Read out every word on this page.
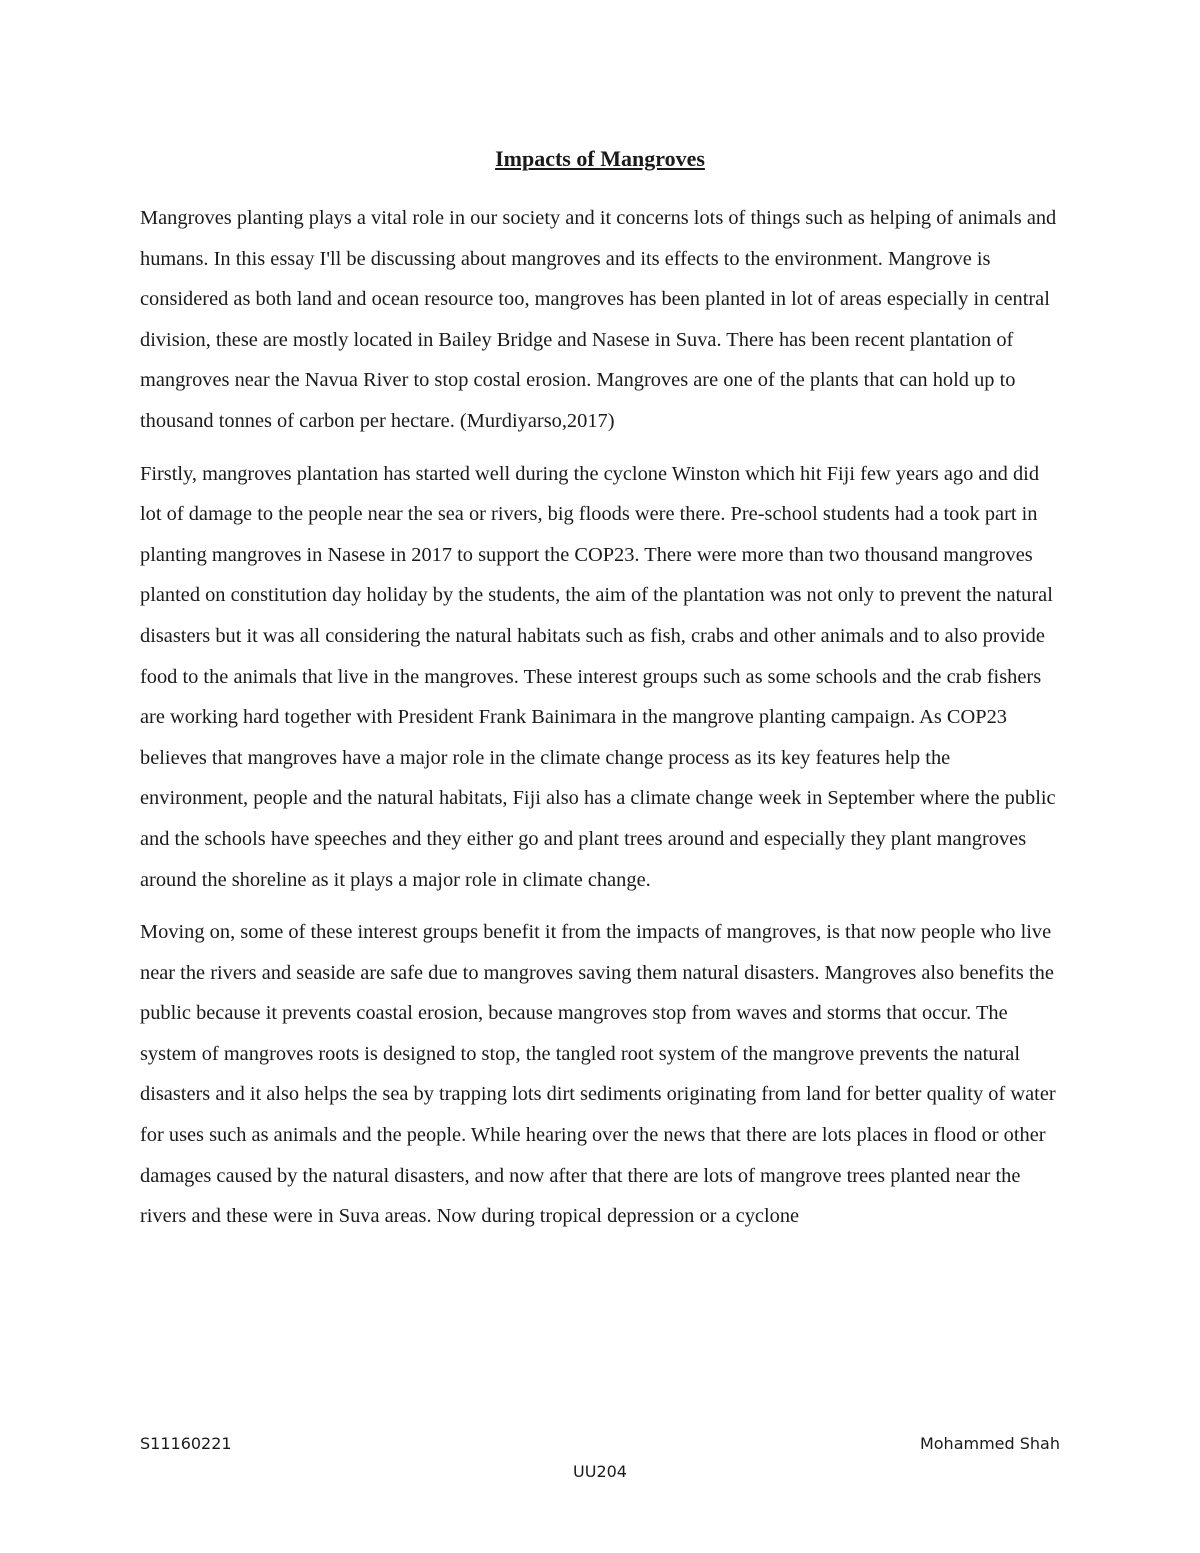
Impacts of Mangroves

Mangroves planting plays a vital role in our society and it concerns lots of things such as helping of animals and humans. In this essay I'll be discussing about mangroves and its effects to the environment. Mangrove is considered as both land and ocean resource too, mangroves has been planted in lot of areas especially in central division, these are mostly located in Bailey Bridge and Nasese in Suva. There has been recent plantation of mangroves near the Navua River to stop costal erosion. Mangroves are one of the plants that can hold up to thousand tonnes of carbon per hectare. (Murdiyarso,2017)

Firstly, mangroves plantation has started well during the cyclone Winston which hit Fiji few years ago and did lot of damage to the people near the sea or rivers, big floods were there. Pre-school students had a took part in planting mangroves in Nasese in 2017 to support the COP23. There were more than two thousand mangroves planted on constitution day holiday by the students, the aim of the plantation was not only to prevent the natural disasters but it was all considering the natural habitats such as fish, crabs and other animals and to also provide food to the animals that live in the mangroves. These interest groups such as some schools and the crab fishers are working hard together with President Frank Bainimara in the mangrove planting campaign. As COP23 believes that mangroves have a major role in the climate change process as its key features help the environment, people and the natural habitats, Fiji also has a climate change week in September where the public and the schools have speeches and they either go and plant trees around and especially they plant mangroves around the shoreline as it plays a major role in climate change.

Moving on, some of these interest groups benefit it from the impacts of mangroves, is that now people who live near the rivers and seaside are safe due to mangroves saving them natural disasters. Mangroves also benefits the public because it prevents coastal erosion, because mangroves stop from waves and storms that occur. The system of mangroves roots is designed to stop, the tangled root system of the mangrove prevents the natural disasters and it also helps the sea by trapping lots dirt sediments originating from land for better quality of water for uses such as animals and the people. While hearing over the news that there are lots places in flood or other damages caused by the natural disasters, and now after that there are lots of mangrove trees planted near the rivers and these were in Suva areas. Now during tropical depression or a cyclone

S11160221	Mohammed Shah
UU204
